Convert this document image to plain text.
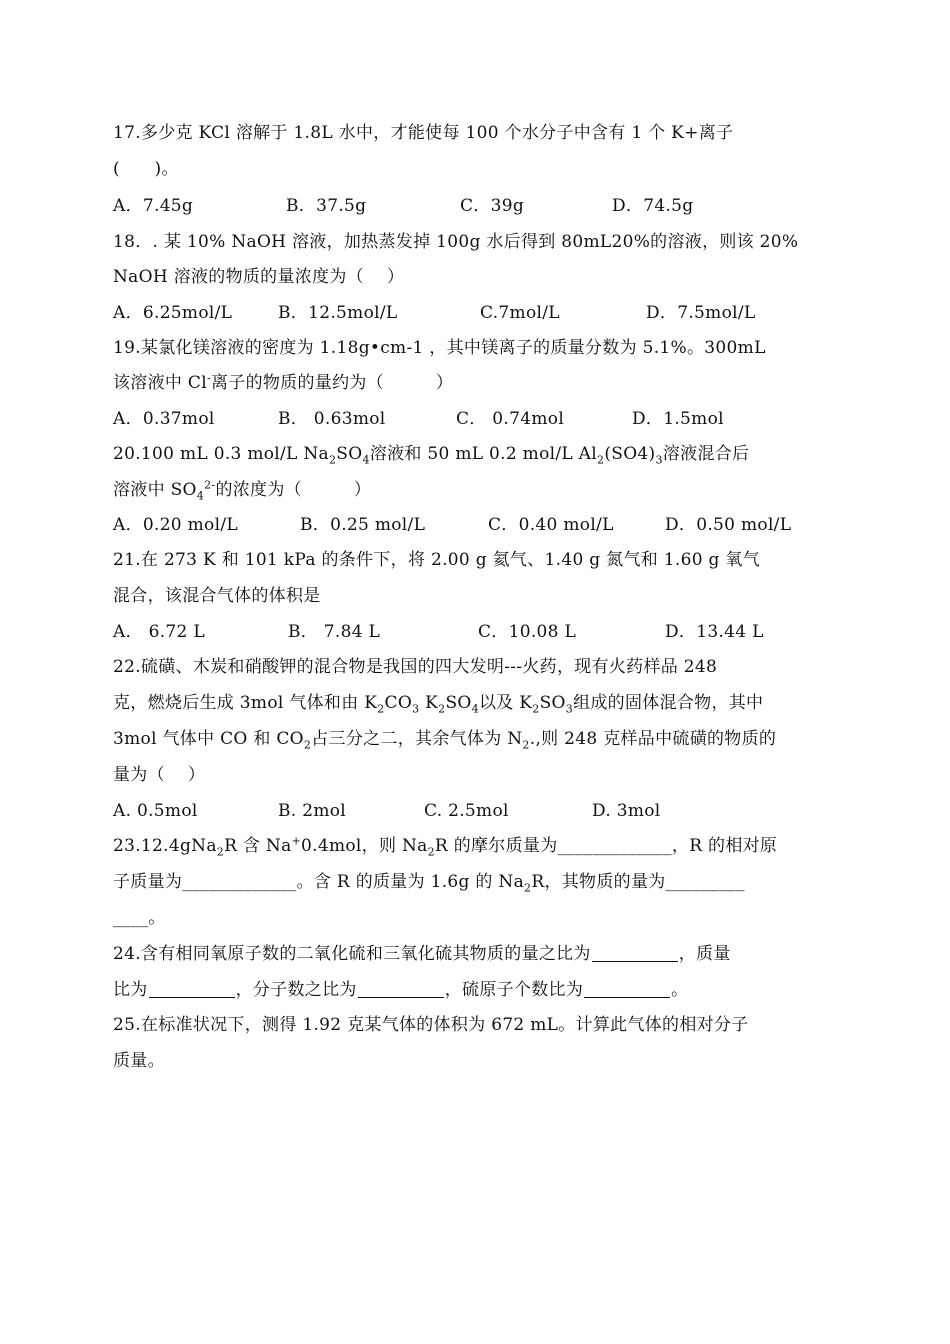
17.多少克 KCl 溶解于 1.8L 水中，才能使每 100 个水分子中含有 1 个 K+离子
(　　)。
A．7.45g	B．37.5g	C．39g	D．74.5g
18．. 某 10% NaOH 溶液，加热蒸发掉 100g 水后得到 80mL20%的溶液，则该 20%
NaOH 溶液的物质的量浓度为（　 ）
A．6.25mol/L	B．12.5mol/L	C.7mol/L	D．7.5mol/L
19.某氯化镁溶液的密度为 1.18g•cm-1 ，其中镁离子的质量分数为 5.1%。300mL
该溶液中 Cl-离子的物质的量约为（　　　）
A．0.37mol	B． 0.63mol	C． 0.74mol	D．1.5mol
20.100 mL 0.3 mol/L $Na_2SO_4$溶液和 50 mL 0.2 mol/L $Al_2(SO4)_3$溶液混合后
溶液中 $SO_4^{2-}$的浓度为（　　　）
A．0.20 mol/L	B．0.25 mol/L	C．0.40 mol/L	D．0.50 mol/L
21.在 273 K 和 101 kPa 的条件下，将 2.00 g 氦气、1.40 g 氮气和 1.60 g 氧气
混合，该混合气体的体积是
A． 6.72 L	B． 7.84 L	C．10.08 L	D．13.44 L
22.硫磺、木炭和硝酸钾的混合物是我国的四大发明---火药，现有火药样品 248
克，燃烧后生成 3mol 气体和由 $K_2CO_3$ $K_2SO_4$以及 $K_2SO_3$组成的固体混合物，其中
3mol 气体中 CO 和 $CO_2$占三分之二，其余气体为 $N_2$.,则 248 克样品中硫磺的物质的
量为（　 ）
A. 0.5mol	B. 2mol	C. 2.5mol	D. 3mol
23.12.4gNa$_2$R 含 Na+0.4mol，则 $Na_2R$ 的摩尔质量为_____________，R 的相对原
子质量为_____________。含 R 的质量为 1.6g 的 $Na_2R$，其物质的量为_________
____。
24.含有相同氧原子数的二氧化硫和三氧化硫其物质的量之比为	，质量
比为	，分子数之比为	，硫原子个数比为	。
25.在标准状况下，测得 1.92 克某气体的体积为 672 mL。计算此气体的相对分子
质量。
